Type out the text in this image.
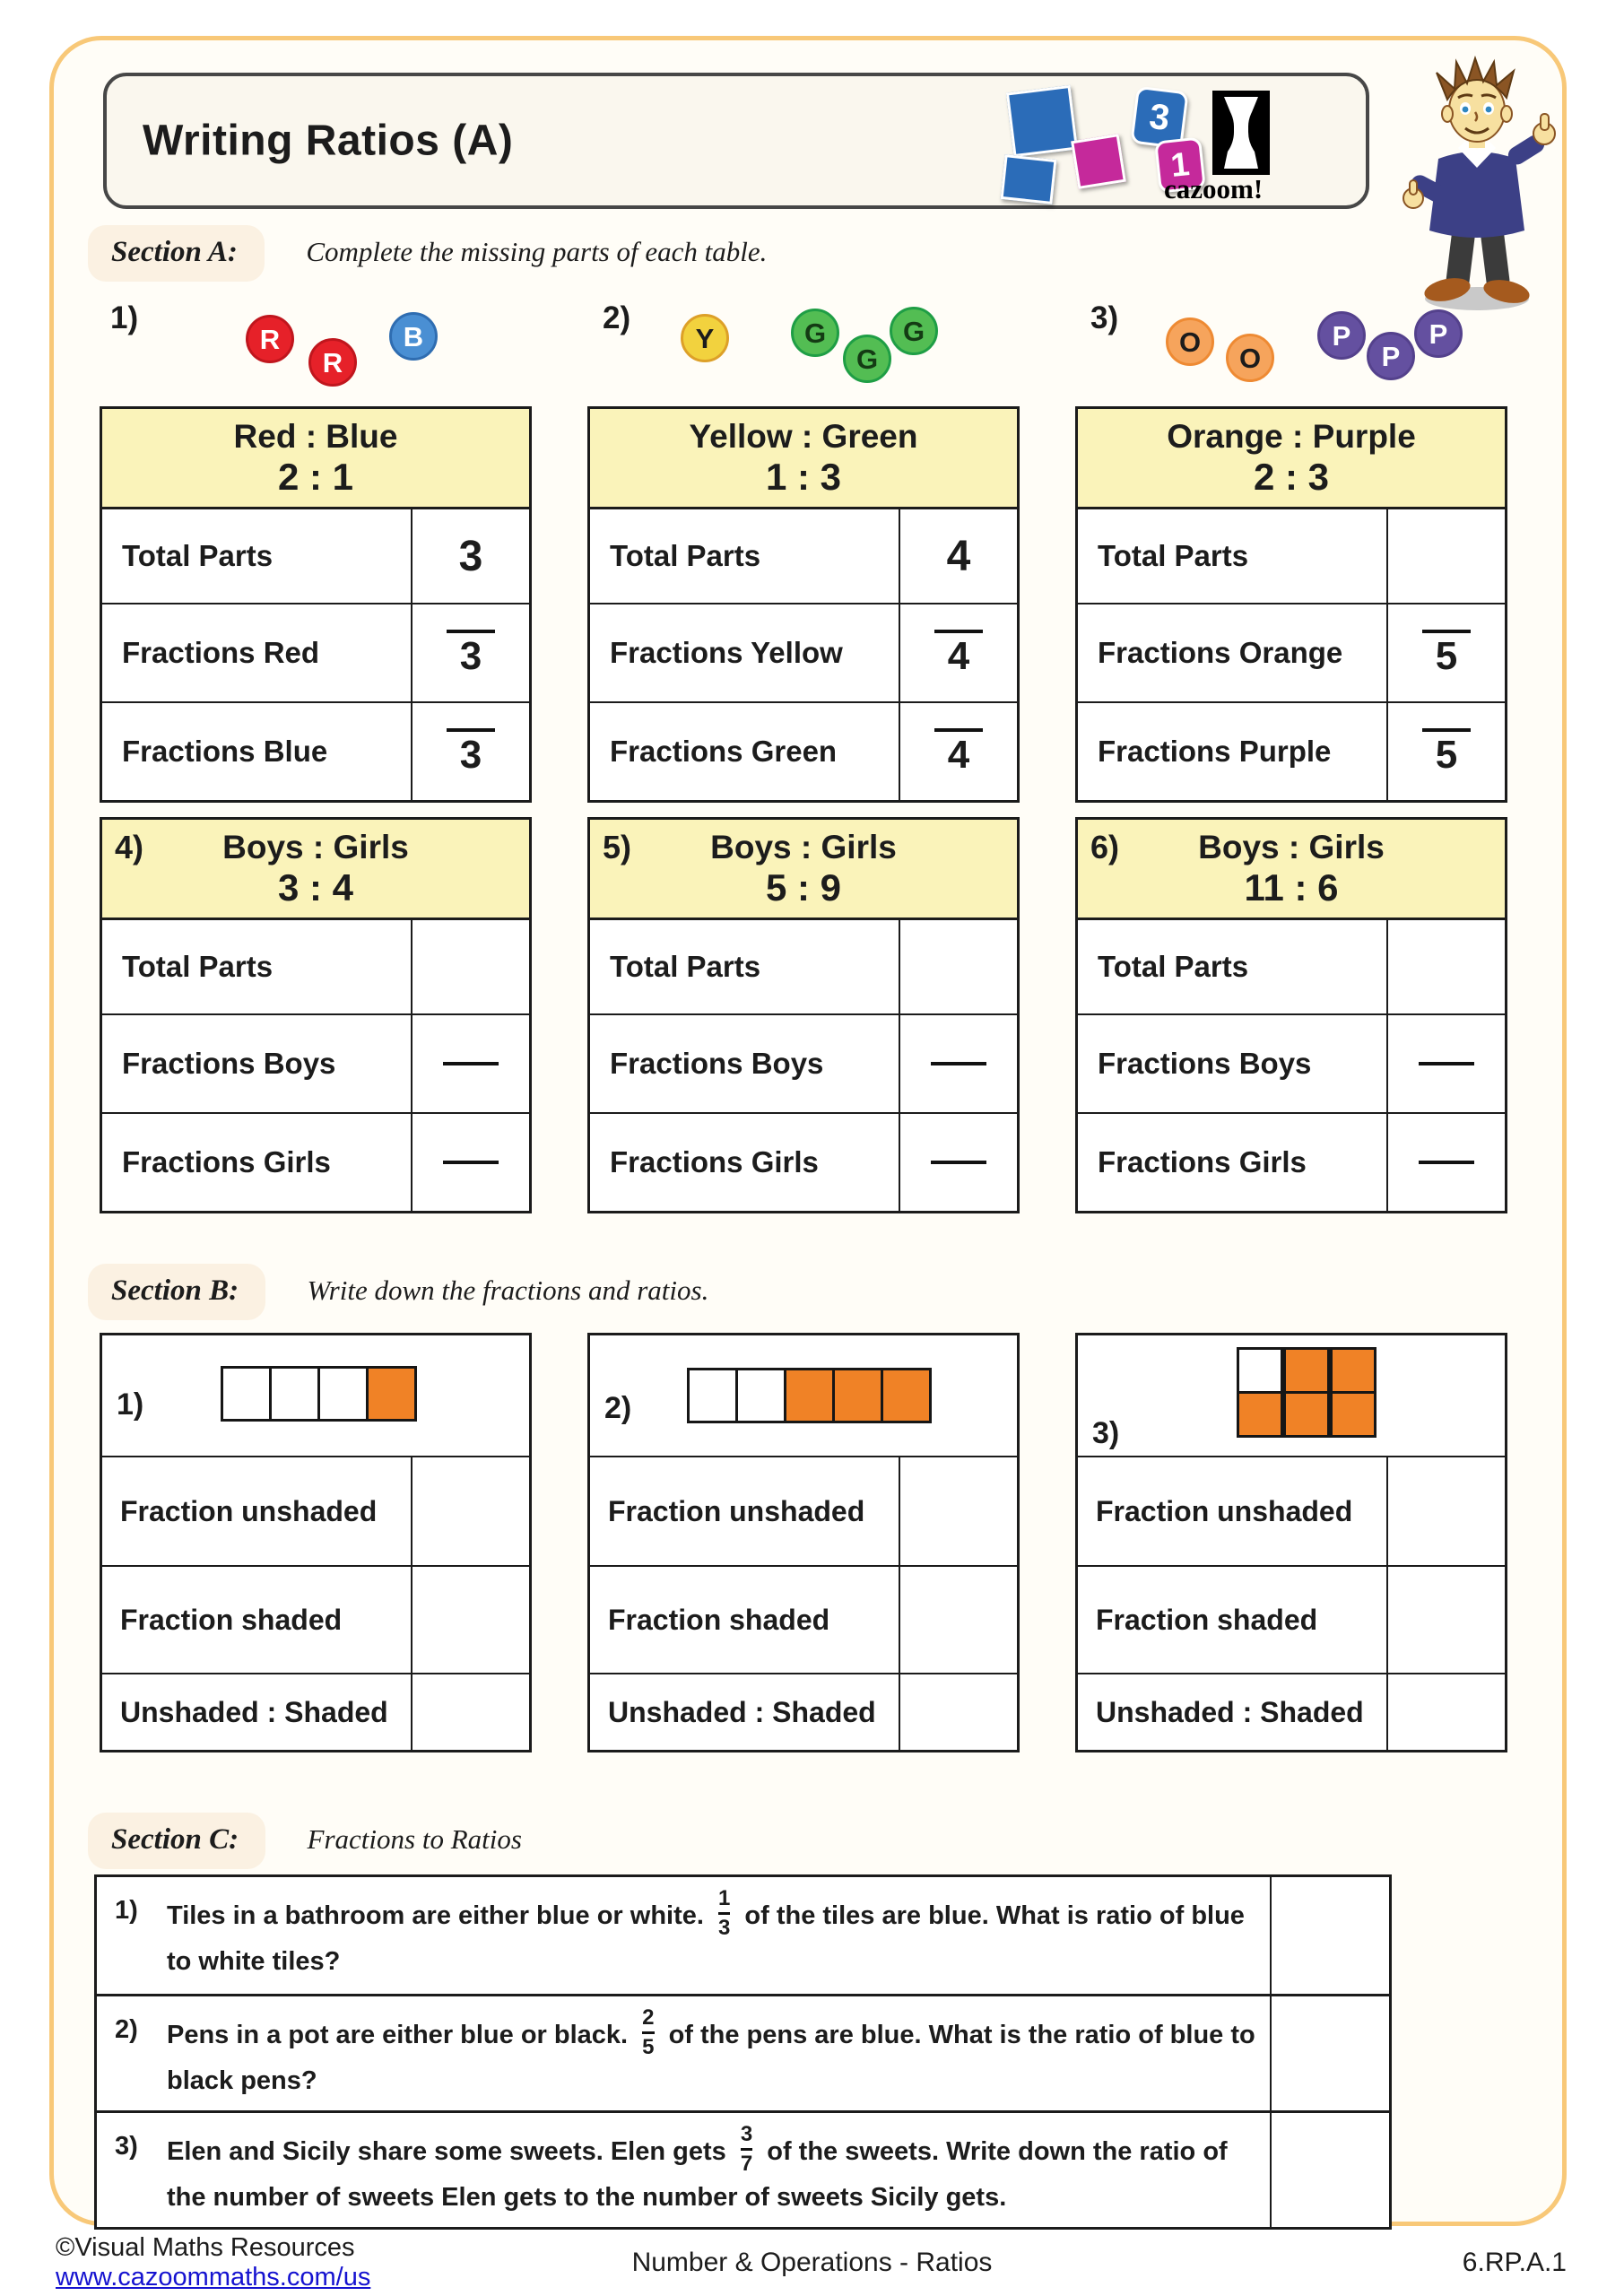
Writing Ratios (A)	3
1
cazoom!
Section A: Complete the missing parts of each table.
Section B: Write down the fractions and ratios.
Section C: Fractions to Ratios
1)
R
R
B
2)
Y	G
G
G	3)
O
O
P
P
P
Red : Blue
2 : 1
Total Parts	3
Fractions Red	3
Fractions Blue	3
Yellow : Green
1 : 3
Total Parts	4
Fractions Yellow	4
Fractions Green	4
Orange : Purple
2 : 3
Total Parts
Fractions Orange	5
Fractions Purple	5
4)	Boys : Girls
3 : 4
Total Parts
Fractions Boys
Fractions Girls
5)	Boys : Girls
5 : 9
Total Parts
Fractions Boys
Fractions Girls
6)	Boys : Girls
11 : 6
Total Parts
Fractions Boys
Fractions Girls
1)
Fraction unshaded
Fraction shaded
Unshaded : Shaded
2)
Fraction unshaded
Fraction shaded
Unshaded : Shaded
3)
Fraction unshaded
Fraction shaded
Unshaded : Shaded
1)	Tiles in a bathroom are either blue or white. $\frac{1}{3}$ of the tiles are blue. What is ratio of blue to white tiles?
2)	Pens in a pot are either blue or black. $\frac{2}{5}$ of the pens are blue. What is the ratio of blue to black pens?
3)	Elen and Sicily share some sweets. Elen gets $\frac{3}{7}$ of the sweets. Write down the ratio of the number of sweets Elen gets to the number of sweets Sicily gets.
©Visual Maths Resources
www.cazoommaths.com/us	Number & Operations - Ratios	6.RP.A.1
